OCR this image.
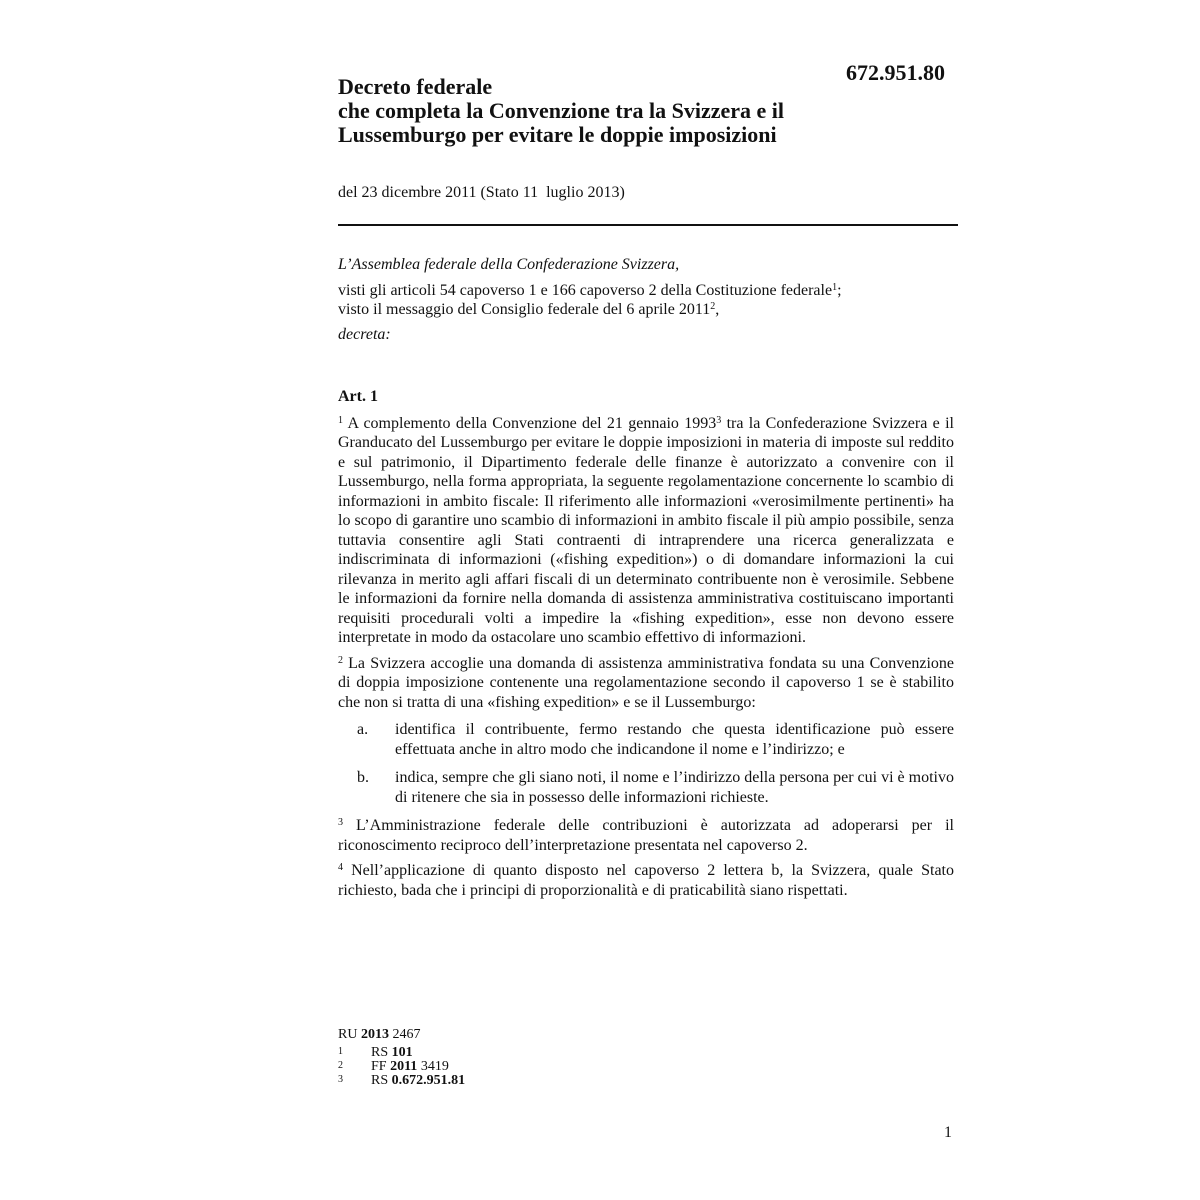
672.951.80

Decreto federale
che completa la Convenzione tra la Svizzera e il
Lussemburgo per evitare le doppie imposizioni

del 23 dicembre 2011 (Stato 11  luglio 2013)

L’Assemblea federale della Confederazione Svizzera,

visti gli articoli 54 capoverso 1 e 166 capoverso 2 della Costituzione federale$^1$;

visto il messaggio del Consiglio federale del 6 aprile 2011$^2$,

decreta:

Art. 1

$^1$ A complemento della Convenzione del 21 gennaio 1993$^3$ tra la Confederazione Svizzera e il Granducato del Lussemburgo per evitare le doppie imposizioni in materia di imposte sul reddito e sul patrimonio, il Dipartimento federale delle finanze è autorizzato a convenire con il Lussemburgo, nella forma appropriata, la seguente regolamentazione concernente lo scambio di informazioni in ambito fiscale: Il riferimento alle informazioni «verosimilmente pertinenti» ha lo scopo di garantire uno scambio di informazioni in ambito fiscale il più ampio possibile, senza tuttavia consentire agli Stati contraenti di intraprendere una ricerca generalizzata e indiscriminata di informazioni («fishing expedition») o di domandare informazioni la cui rilevanza in merito agli affari fiscali di un determinato contribuente non è verosimile. Sebbene le informazioni da fornire nella domanda di assistenza amministrativa costituiscano importanti requisiti procedurali volti a impedire la «fishing expedition», esse non devono essere interpretate in modo da ostacolare uno scambio effettivo di informazioni.

$^2$ La Svizzera accoglie una domanda di assistenza amministrativa fondata su una Convenzione di doppia imposizione contenente una regolamentazione secondo il capoverso 1 se è stabilito che non si tratta di una «fishing expedition» e se il Lussemburgo:

a.	identifica il contribuente, fermo restando che questa identificazione può essere effettuata anche in altro modo che indicandone il nome e l’indirizzo; e
b.	indica, sempre che gli siano noti, il nome e l’indirizzo della persona per cui vi è motivo di ritenere che sia in possesso delle informazioni richieste.

$^3$ L’Amministrazione federale delle contribuzioni è autorizzata ad adoperarsi per il riconoscimento reciproco dell’interpretazione presentata nel capoverso 2.

$^4$ Nell’applicazione di quanto disposto nel capoverso 2 lettera b, la Svizzera, quale Stato richiesto, bada che i principi di proporzionalità e di praticabilità siano rispettati.

RU 2013 2467

1	RS 101

2	FF 2011 3419

3	RS 0.672.951.81

1
